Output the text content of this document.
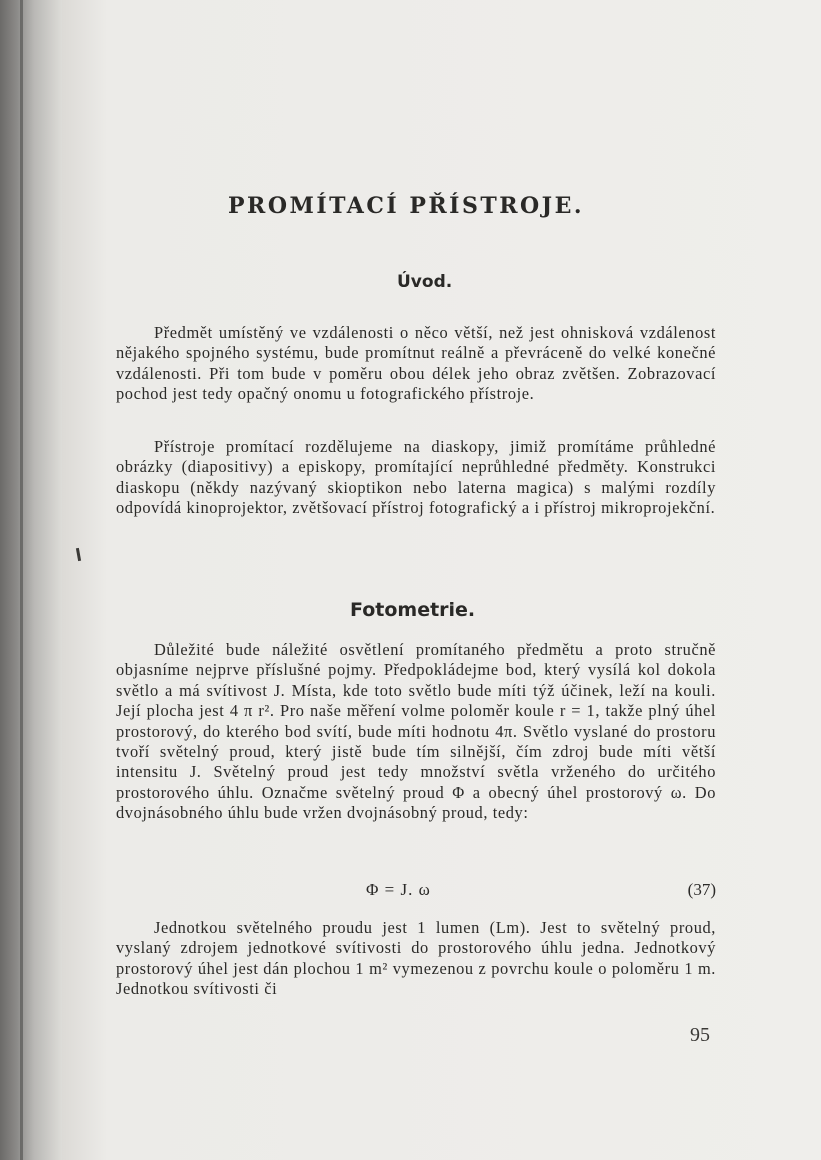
PROMÍTACÍ PŘÍSTROJE.
Úvod.
Předmět umístěný ve vzdálenosti o něco větší, než jest ohnisková vzdálenost nějakého spojného systému, bude promítnut reálně a převráceně do velké konečné vzdálenosti. Při tom bude v poměru obou délek jeho obraz zvětšen. Zobrazovací pochod jest tedy opačný onomu u fotografického přístroje.
Přístroje promítací rozdělujeme na diaskopy, jimiž promítáme průhledné obrázky (diapositivy) a episkopy, promítající neprůhledné předměty. Konstrukci diaskopu (někdy nazývaný skioptikon nebo laterna magica) s malými rozdíly odpovídá kinoprojektor, zvětšovací přístroj fotografický a i přístroj mikroprojekční.
Fotometrie.
Důležité bude náležité osvětlení promítaného předmětu a proto stručně objasníme nejprve příslušné pojmy. Předpokládejme bod, který vysílá kol dokola světlo a má svítivost J. Místa, kde toto světlo bude míti týž účinek, leží na kouli. Její plocha jest 4 π r². Pro naše měření volme poloměr koule r = 1, takže plný úhel prostorový, do kterého bod svítí, bude míti hodnotu 4π. Světlo vyslané do prostoru tvoří světelný proud, který jistě bude tím silnější, čím zdroj bude míti větší intensitu J. Světelný proud jest tedy množství světla vrženého do určitého prostorového úhlu. Označme světelný proud Φ a obecný úhel prostorový ω. Do dvojnásobného úhlu bude vržen dvojnásobný proud, tedy:
Φ = J. ω	(37)
Jednotkou světelného proudu jest 1 lumen (Lm). Jest to světelný proud, vyslaný zdrojem jednotkové svítivosti do prostorového úhlu jedna. Jednotkový prostorový úhel jest dán plochou 1 m² vymezenou z povrchu koule o poloměru 1 m. Jednotkou svítivosti či
95
